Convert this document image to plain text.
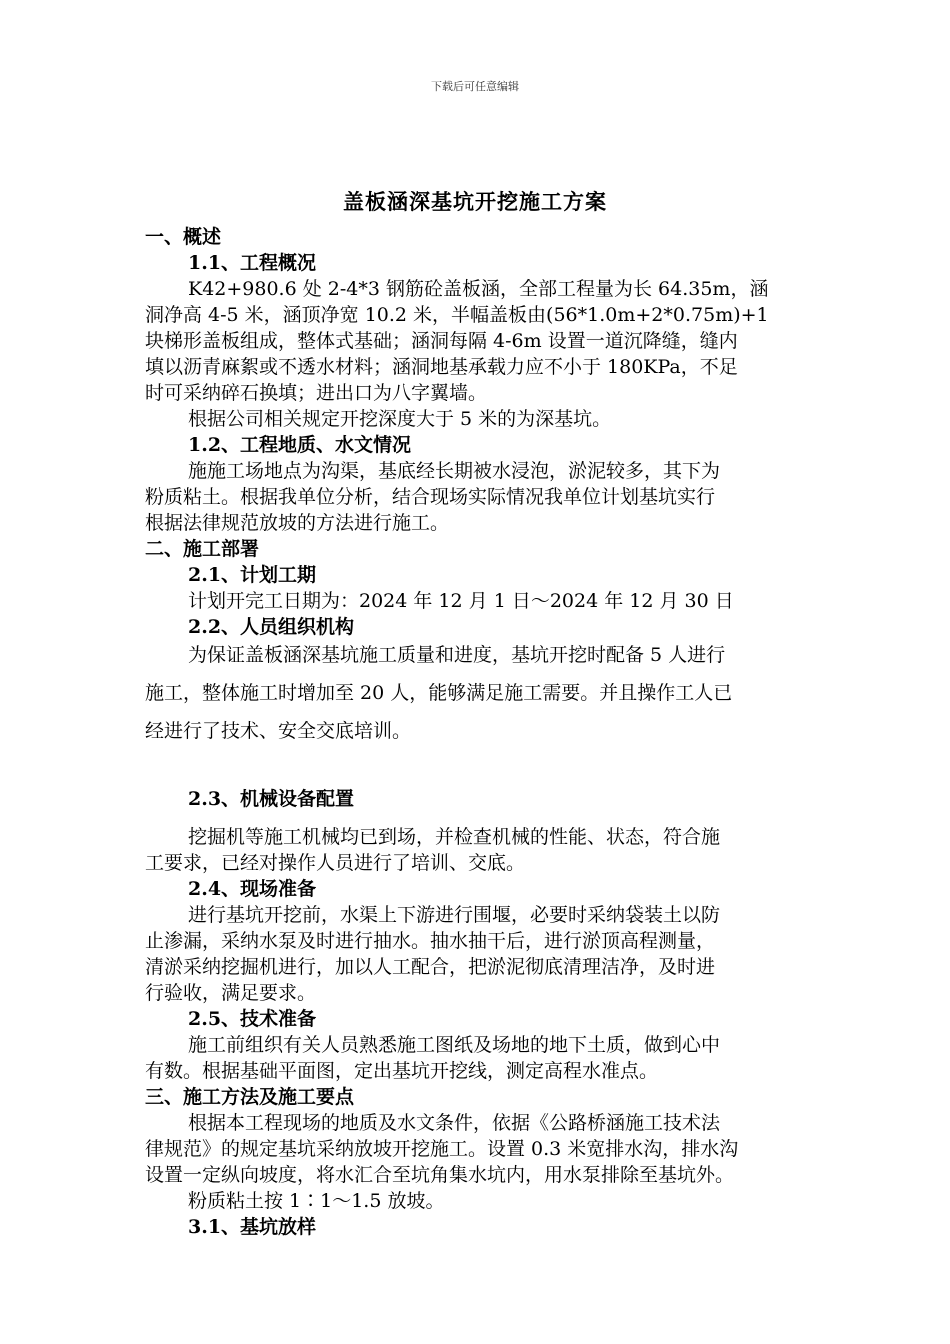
下载后可任意编辑
盖板涵深基坑开挖施工方案
一、概述
1.1、工程概况
K42+980.6 处 2-4*3 钢筋砼盖板涵，全部工程量为长 64.35m，涵
洞净高 4-5 米，涵顶净宽 10.2 米，半幅盖板由(56*1.0m+2*0.75m)+1
块梯形盖板组成，整体式基础；涵洞每隔 4-6m 设置一道沉降缝，缝内
填以沥青麻絮或不透水材料；涵洞地基承载力应不小于 180KPa，不足
时可采纳碎石换填；进出口为八字翼墙。
根据公司相关规定开挖深度大于 5 米的为深基坑。
1.2、工程地质、水文情况
施施工场地点为沟渠，基底经长期被水浸泡，淤泥较多，其下为
粉质粘土。根据我单位分析，结合现场实际情况我单位计划基坑实行
根据法律规范放坡的方法进行施工。
二、施工部署
2.1、计划工期
计划开完工日期为：2024 年 12 月 1 日～2024 年 12 月 30 日
2.2、人员组织机构
为保证盖板涵深基坑施工质量和进度，基坑开挖时配备 5 人进行
施工，整体施工时增加至 20 人，能够满足施工需要。并且操作工人已
经进行了技术、安全交底培训。
2.3、机械设备配置
挖掘机等施工机械均已到场，并检查机械的性能、状态，符合施
工要求，已经对操作人员进行了培训、交底。
2.4、现场准备
进行基坑开挖前，水渠上下游进行围堰，必要时采纳袋装土以防
止渗漏，采纳水泵及时进行抽水。抽水抽干后，进行淤顶高程测量，
清淤采纳挖掘机进行，加以人工配合，把淤泥彻底清理洁净，及时进
行验收，满足要求。
2.5、技术准备
施工前组织有关人员熟悉施工图纸及场地的地下土质，做到心中
有数。根据基础平面图，定出基坑开挖线，测定高程水准点。
三、施工方法及施工要点
根据本工程现场的地质及水文条件，依据《公路桥涵施工技术法
律规范》的规定基坑采纳放坡开挖施工。设置 0.3 米宽排水沟，排水沟
设置一定纵向坡度，将水汇合至坑角集水坑内，用水泵排除至基坑外。
粉质粘土按 1∶1～1.5 放坡。
3.1、基坑放样
